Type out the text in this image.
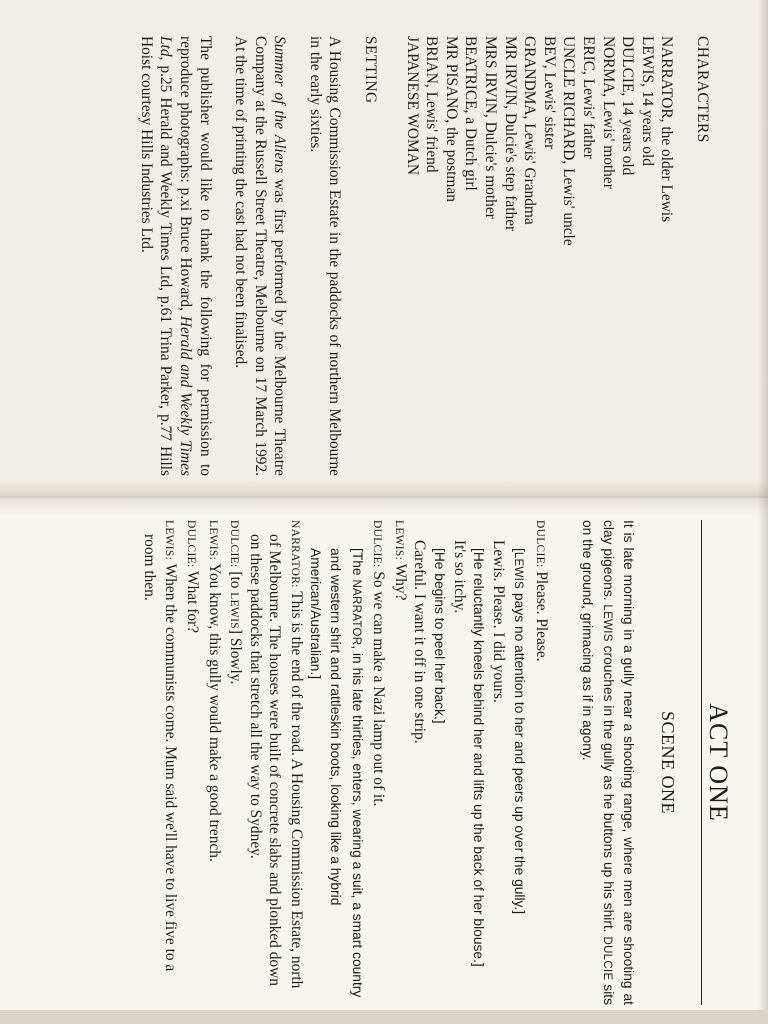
CHARACTERS
NARRATOR, the older Lewis
LEWIS, 14 years old
DULCIE, 14 years old
NORMA, Lewis' mother
ERIC, Lewis' father
UNCLE RICHARD, Lewis' uncle
BEV, Lewis' sister
GRANDMA, Lewis' Grandma
MR IRVIN, Dulcie's step father
MRS IRVIN, Dulcie's mother
BEATRICE, a Dutch girl
MR PISANO, the postman
BRIAN, Lewis' friend
JAPANESE WOMAN
SETTING

A Housing Commission Estate in the paddocks of northern Melbourne in the early sixties.

Summer of the Aliens was first performed by the Melbourne Theatre Company at the Russell Street Theatre, Melbourne on 17 March 1992. At the time of printing the cast had not been finalised.

The publisher would like to thank the following for permission to reproduce photographs: p.xi Bruce Howard, Herald and Weekly Times Ltd, p.25 Herald and Weekly Times Ltd, p.61 Trina Parker, p.77 Hills Hoist courtesy Hills Industries Ltd.

ACT ONE
SCENE ONE

It is late morning in a gully near a shooting range, where men are shooting at clay pigeons. LEWIS crouches in the gully as he buttons up his shirt. DULCIE sits on the ground, grimacing as if in agony.

DULCIE: Please. Please.
[LEWIS pays no attention to her and peers up over the gully.]
Lewis. Please. I did yours.
[He reluctantly kneels behind her and lifts up the back of her blouse.]
It's so itchy.
[He begins to peel her back.]
Careful. I want it off in one strip.
LEWIS: Why?
DULCIE: So we can make a Nazi lamp out of it.
[The NARRATOR, in his late thirties, enters, wearing a suit, a smart country and western shirt and rattleskin boots, looking like a hybrid American/Australian.]
NARRATOR: This is the end of the road. A Housing Commission Estate, north of Melbourne. The houses were built of concrete slabs and plonked down on these paddocks that stretch all the way to Sydney.
DULCIE: [to LEWIS] Slowly.
LEWIS: You know, this gully would make a good trench.
DULCIE: What for?
LEWIS: When the communists come. Mum said we'll have to live five to a room then.
